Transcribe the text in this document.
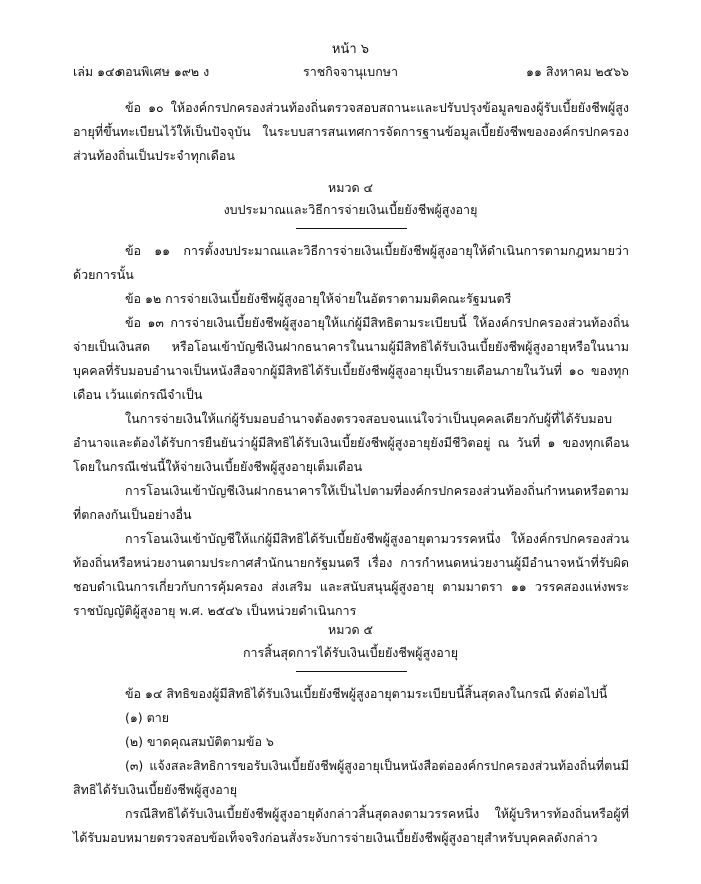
หน้า ๖
เล่ม ๑๔๐
ตอนพิเศษ ๑๙๒ ง	ราชกิจจานุเบกษา	๑๑ สิงหาคม ๒๕๖๖

ข้อ ๑๐ ให้องค์กรปกครองส่วนท้องถิ่นตรวจสอบสถานะและปรับปรุงข้อมูลของผู้รับเบี้ยยังชีพผู้สูงอายุที่ขึ้นทะเบียนไว้ให้เป็นปัจจุบัน ในระบบสารสนเทศการจัดการฐานข้อมูลเบี้ยยังชีพขององค์กรปกครองส่วนท้องถิ่นเป็นประจำทุกเดือน

หมวด ๔
งบประมาณและวิธีการจ่ายเงินเบี้ยยังชีพผู้สูงอายุ

ข้อ ๑๑ การตั้งงบประมาณและวิธีการจ่ายเงินเบี้ยยังชีพผู้สูงอายุให้ดำเนินการตามกฎหมายว่าด้วยการนั้น

ข้อ ๑๒ การจ่ายเงินเบี้ยยังชีพผู้สูงอายุให้จ่ายในอัตราตามมติคณะรัฐมนตรี

ข้อ ๑๓ การจ่ายเงินเบี้ยยังชีพผู้สูงอายุให้แก่ผู้มีสิทธิตามระเบียบนี้ ให้องค์กรปกครองส่วนท้องถิ่นจ่ายเป็นเงินสด หรือโอนเข้าบัญชีเงินฝากธนาคารในนามผู้มีสิทธิได้รับเงินเบี้ยยังชีพผู้สูงอายุหรือในนามบุคคลที่รับมอบอำนาจเป็นหนังสือจากผู้มีสิทธิได้รับเบี้ยยังชีพผู้สูงอายุเป็นรายเดือนภายในวันที่ ๑๐ ของทุกเดือน เว้นแต่กรณีจำเป็น

ในการจ่ายเงินให้แก่ผู้รับมอบอำนาจต้องตรวจสอบจนแน่ใจว่าเป็นบุคคลเดียวกับผู้ที่ได้รับมอบอำนาจและต้องได้รับการยืนยันว่าผู้มีสิทธิได้รับเงินเบี้ยยังชีพผู้สูงอายุยังมีชีวิตอยู่ ณ วันที่ ๑ ของทุกเดือนโดยในกรณีเช่นนี้ให้จ่ายเงินเบี้ยยังชีพผู้สูงอายุเต็มเดือน

การโอนเงินเข้าบัญชีเงินฝากธนาคารให้เป็นไปตามที่องค์กรปกครองส่วนท้องถิ่นกำหนดหรือตามที่ตกลงกันเป็นอย่างอื่น

การโอนเงินเข้าบัญชีให้แก่ผู้มีสิทธิได้รับเบี้ยยังชีพผู้สูงอายุตามวรรคหนึ่ง ให้องค์กรปกครองส่วนท้องถิ่นหรือหน่วยงานตามประกาศสำนักนายกรัฐมนตรี เรื่อง การกำหนดหน่วยงานผู้มีอำนาจหน้าที่รับผิดชอบดำเนินการเกี่ยวกับการคุ้มครอง ส่งเสริม และสนับสนุนผู้สูงอายุ ตามมาตรา ๑๑ วรรคสองแห่งพระราชบัญญัติผู้สูงอายุ พ.ศ. ๒๕๔๖ เป็นหน่วยดำเนินการ

หมวด ๕
การสิ้นสุดการได้รับเงินเบี้ยยังชีพผู้สูงอายุ

ข้อ ๑๔ สิทธิของผู้มีสิทธิได้รับเงินเบี้ยยังชีพผู้สูงอายุตามระเบียบนี้สิ้นสุดลงในกรณี ดังต่อไปนี้

(๑) ตาย

(๒) ขาดคุณสมบัติตามข้อ ๖

(๓) แจ้งสละสิทธิการขอรับเงินเบี้ยยังชีพผู้สูงอายุเป็นหนังสือต่อองค์กรปกครองส่วนท้องถิ่นที่ตนมีสิทธิได้รับเงินเบี้ยยังชีพผู้สูงอายุ

กรณีสิทธิได้รับเงินเบี้ยยังชีพผู้สูงอายุดังกล่าวสิ้นสุดลงตามวรรคหนึ่ง ให้ผู้บริหารท้องถิ่นหรือผู้ที่ได้รับมอบหมายตรวจสอบข้อเท็จจริงก่อนสั่งระงับการจ่ายเงินเบี้ยยังชีพผู้สูงอายุสำหรับบุคคลดังกล่าว
